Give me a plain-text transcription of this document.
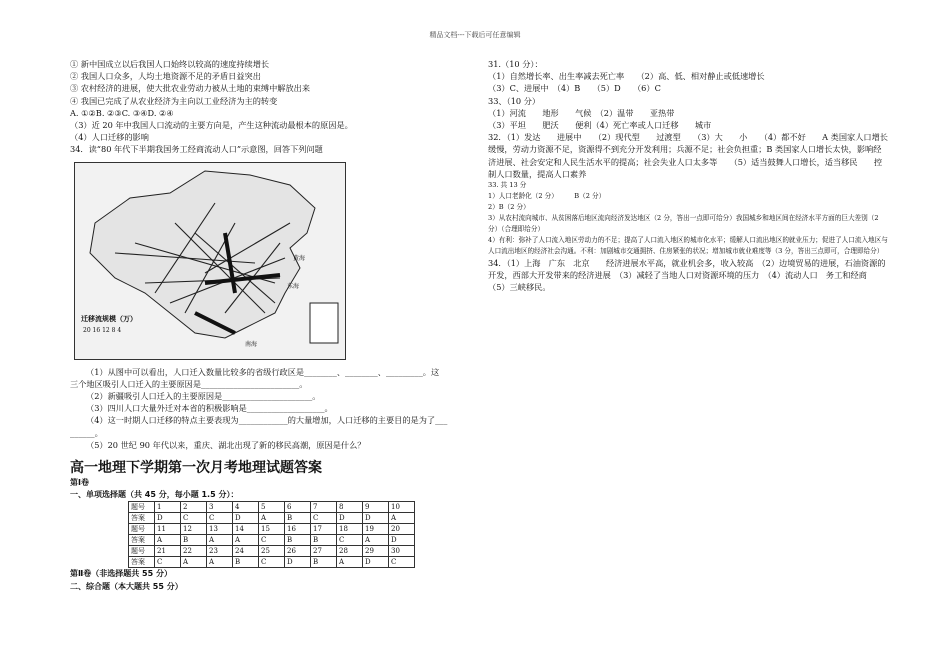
精品文档---下载后可任意编辑
① 新中国成立以后我国人口始终以较高的速度持续增长
② 我国人口众多，人均土地资源不足的矛盾日益突出
③ 农村经济的进展，使大批农业劳动力被从土地的束缚中解放出来
④ 我国已完成了从农业经济为主向以工业经济为主的转变
A. ①②B. ②③C. ③④D. ②④
（3）近 20 年中我国人口流动的主要方向是，产生这种流动最根本的原因是。
（4）人口迁移的影响
34．读“80 年代下半期我国务工经商流动人口”示意图，回答下列问题
迁移流规模（万）
20 16 12 8 4
东海
黄海
南海
（1）从图中可以看出，人口迁入数量比较多的省级行政区是________、________、_________。这
三个地区吸引人口迁入的主要原因是________________________。
（2）新疆吸引人口迁入的主要原因是______________________。
（3）四川人口大量外迁对本省的积极影响是___________________。
（4）这一时期人口迁移的特点主要表现为____________的大量增加，人口迁移的主要目的是为了___
______。
（5）20 世纪 90 年代以来，重庆、湖北出现了新的移民高潮，原因是什么？
高一地理下学期第一次月考地理试题答案
第Ⅰ卷
一、单项选择题（共 45 分，每小题 1.5 分）：
题号	1	2	3	4	5	6	7	8	9	10
答案	D	C	C	D	A	B	C	D	D	A
题号	11	12	13	14	15	16	17	18	19	20
答案	A	B	A	A	C	B	B	C	A	D
题号	21	22	23	24	25	26	27	28	29	30
答案	C	A	A	B	C	D	B	A	D	C
第Ⅱ卷（非选择题共 55 分）
二、综合题（本大题共 55 分）
31.（10 分）：
（1）自然增长率、出生率减去死亡率　　（2）高、低、相对静止或低速增长
（3）C、进展中　（4）B　　（5）D　　（6）C
33、（10 分）
（1）河流　　地形　　气候　（2）温带　　亚热带
（3）平坦　　肥沃　　便利（4）死亡率或人口迁移　　城市
32．（1）发达　　进展中　　（2）现代型　　过渡型　　（3）大　　小　　（4）都不好　　A 类国家人口增长缓慢，劳动力资源不足，资源得不到充分开发利用；兵源不足；社会负担重；B 类国家人口增长太快，影响经济进展、社会安定和人民生活水平的提高；社会失业人口太多等　　（5）适当鼓舞人口增长，适当移民　　控制人口数量，提高人口素养
33. 共 13 分
1）人口老龄化（2 分）　　　B（2 分）
2）B（2 分）
3）从农村流向城市、从贫困落后地区流向经济发达地区（2 分，答出一点即可给分）我国城乡和地区间在经济水平方面的巨大差别（2 分）（合理即给分）
4）有利：弥补了人口流入地区劳动力的不足；提高了人口流入地区的城市化水平；缓解人口流出地区的就业压力；促进了人口流入地区与人口流出地区的经济社会沟通。不利：加剧城市交通拥挤、住房紧张的状况；增加城市就业难度等（3 分，答出三点即可，合理即给分）
34．（1）上海　广东　北京　　经济进展水平高，就业机会多，收入较高　（2）边境贸易的进展，石油资源的开发，西部大开发带来的经济进展　（3）减轻了当地人口对资源环境的压力　（4）流动人口　务工和经商　（5）三峡移民。
